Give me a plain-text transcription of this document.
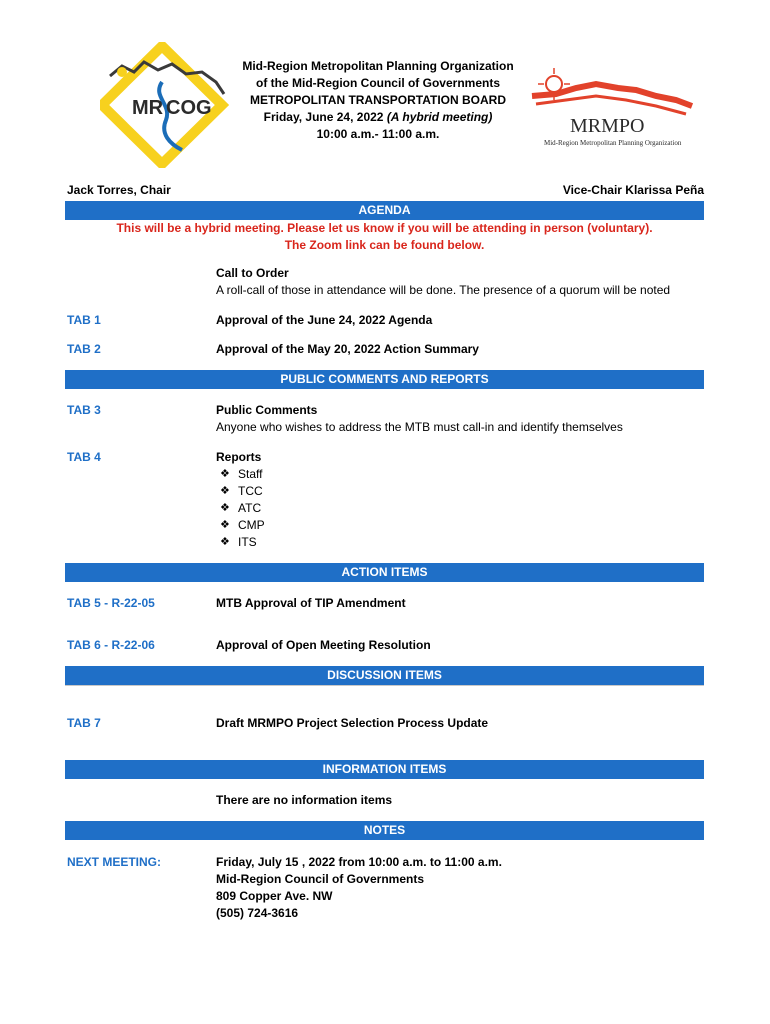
MR COG
Mid-Region Metropolitan Planning Organization
of the Mid-Region Council of Governments
METROPOLITAN TRANSPORTATION BOARD
Friday, June 24, 2022 (A hybrid meeting)
10:00 a.m.- 11:00 a.m.	MRMPO
Mid-Region Metropolitan Planning Organization
Jack Torres, Chair	Vice-Chair Klarissa Peña
AGENDA
This will be a hybrid meeting. Please let us know if you will be attending in person (voluntary).
The Zoom link can be found below.
Call to Order
A roll-call of those in attendance will be done. The presence of a quorum will be noted
TAB 1	Approval of the June 24, 2022 Agenda
TAB 2	Approval of the May 20, 2022 Action Summary
PUBLIC COMMENTS AND REPORTS
TAB 3	Public Comments
Anyone who wishes to address the MTB must call-in and identify themselves
TAB 4	Reports
❖ Staff
❖ TCC
❖ ATC
❖ CMP
❖ ITS
ACTION ITEMS
TAB 5 - R-22-05	MTB Approval of TIP Amendment
TAB 6 - R-22-06	Approval of Open Meeting Resolution
DISCUSSION ITEMS
TAB 7	Draft MRMPO Project Selection Process Update
INFORMATION ITEMS
There are no information items
NOTES
NEXT MEETING:	Friday, July 15 , 2022 from 10:00 a.m. to 11:00 a.m.
Mid-Region Council of Governments
809 Copper Ave. NW
(505) 724-3616
